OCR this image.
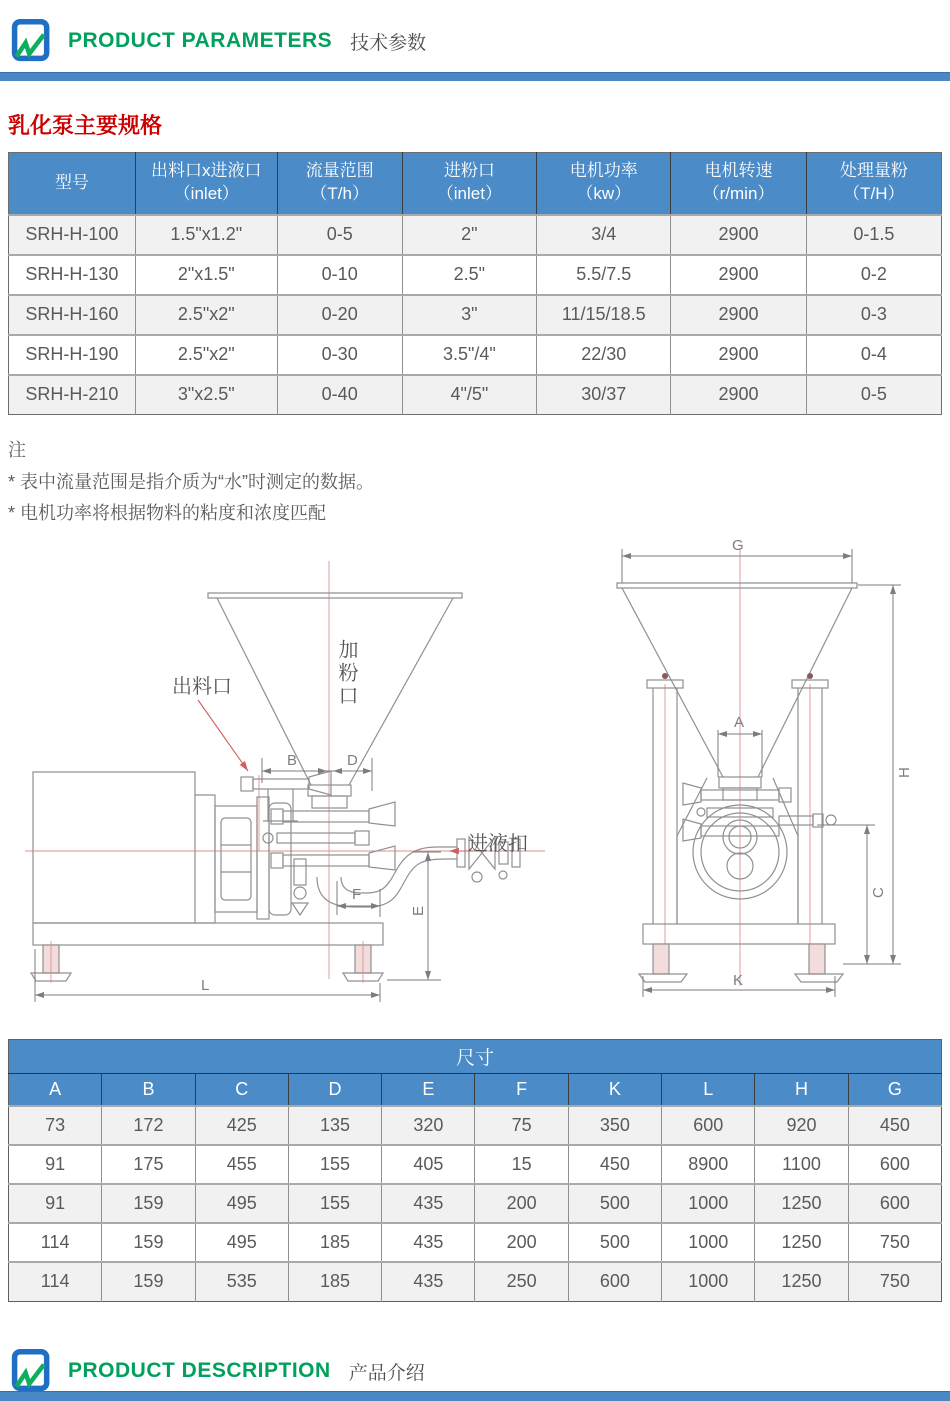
PRODUCT PARAMETERS 技术参数
乳化泵主要规格
型号	出料口x进液口
（inlet）	流量范围
（T/h）	进粉口
（inlet）	电机功率
（kw）	电机转速
（r/min）	处理量粉
（T/H）
SRH-H-100	1.5"x1.2"	0-5	2"	3/4	2900	0-1.5
SRH-H-130	2"x1.5"	0-10	2.5"	5.5/7.5	2900	0-2
SRH-H-160	2.5"x2"	0-20	3"	11/15/18.5	2900	0-3
SRH-H-190	2.5"x2"	0-30	3.5"/4"	22/30	2900	0-4
SRH-H-210	3"x2.5"	0-40	4"/5"	30/37	2900	0-5
注
* 表中流量范围是指介质为“水”时测定的数据。
* 电机功率将根据物料的粘度和浓度匹配
B	D
F
E
L
G
A
H
C
K
出料口	加粉口
进液扣
尺寸									
A	B	C	D	E	F	K	L	H	G
73	172	425	135	320	75	350	600	920	450
91	175	455	155	405	15	450	8900	1100	600
91	159	495	155	435	200	500	1000	1250	600
114	159	495	185	435	200	500	1000	1250	750
114	159	535	185	435	250	600	1000	1250	750
PRODUCT DESCRIPTION 产品介绍
